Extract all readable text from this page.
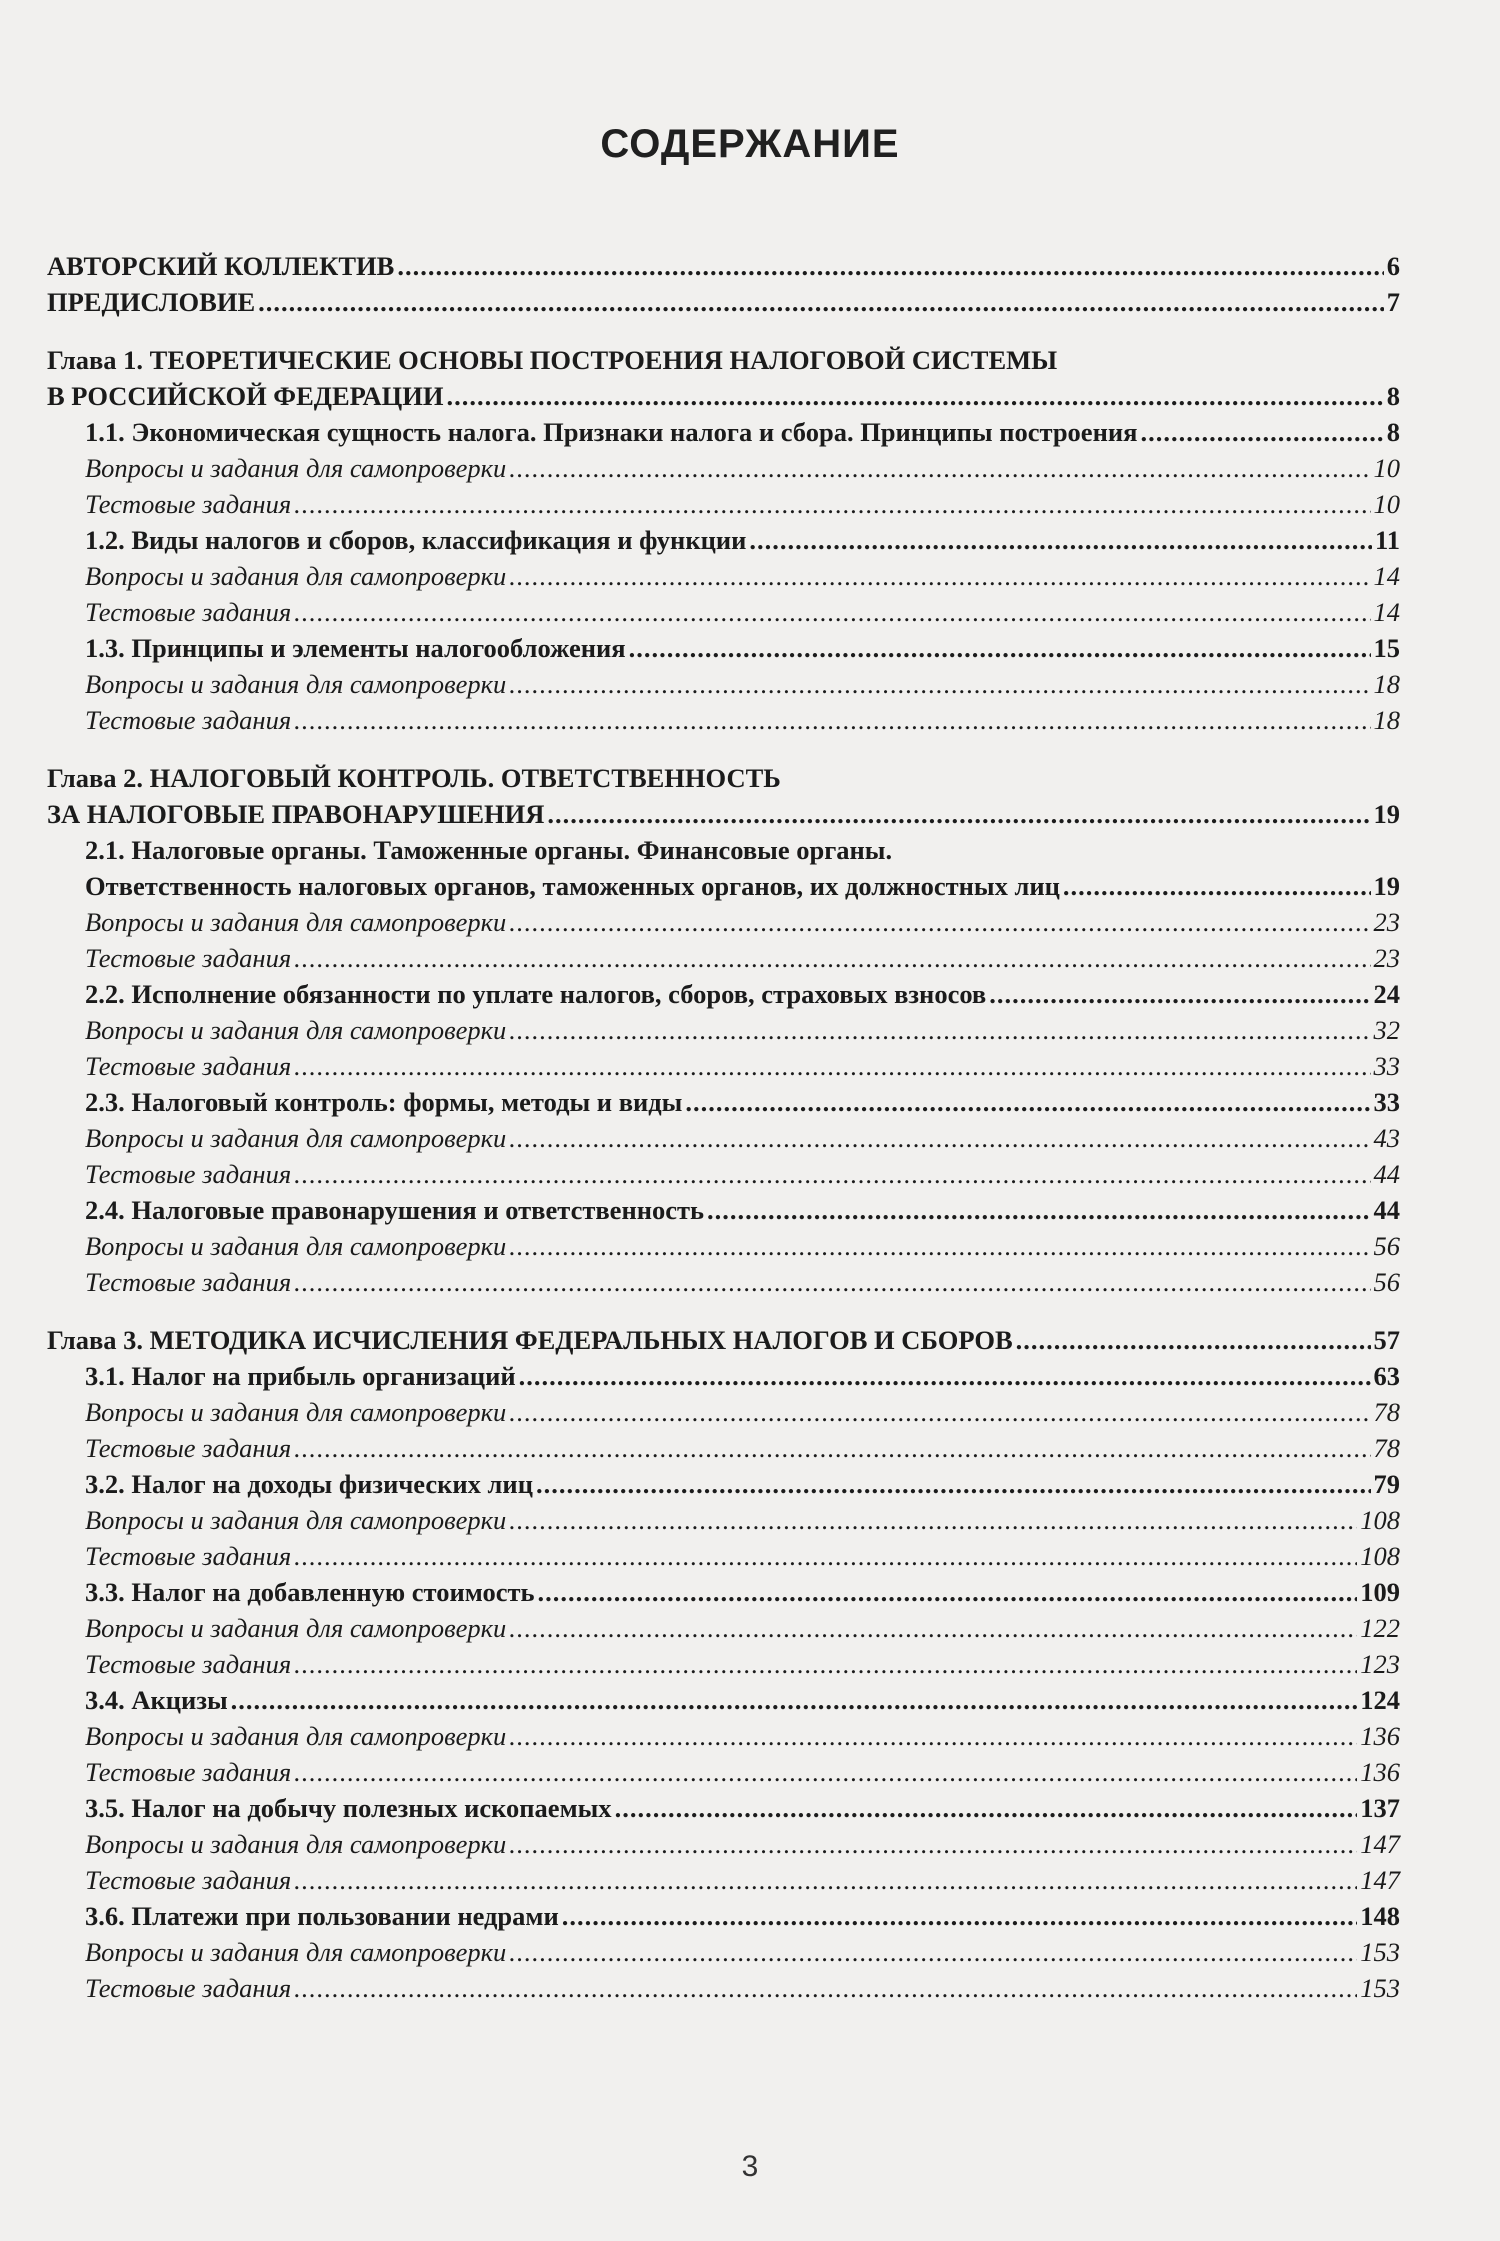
СОДЕРЖАНИЕ
АВТОРСКИЙ КОЛЛЕКТИВ .....	6
ПРЕДИСЛОВИЕ .....	7
Глава 1. ТЕОРЕТИЧЕСКИЕ ОСНОВЫ ПОСТРОЕНИЯ НАЛОГОВОЙ СИСТЕМЫ
В РОССИЙСКОЙ ФЕДЕРАЦИИ .....	8
1.1. Экономическая сущность налога. Признаки налога и сбора. Принципы построения .....	8
Вопросы и задания для самопроверки .....	10
Тестовые задания .....	10
1.2. Виды налогов и сборов, классификация и функции .....	11
Вопросы и задания для самопроверки .....	14
Тестовые задания .....	14
1.3. Принципы и элементы налогообложения .....	15
Вопросы и задания для самопроверки .....	18
Тестовые задания .....	18
Глава 2. НАЛОГОВЫЙ КОНТРОЛЬ. ОТВЕТСТВЕННОСТЬ
ЗА НАЛОГОВЫЕ ПРАВОНАРУШЕНИЯ .....	19
2.1. Налоговые органы. Таможенные органы. Финансовые органы.
Ответственность налоговых органов, таможенных органов, их должностных лиц .....	19
Вопросы и задания для самопроверки .....	23
Тестовые задания .....	23
2.2. Исполнение обязанности по уплате налогов, сборов, страховых взносов .....	24
Вопросы и задания для самопроверки .....	32
Тестовые задания .....	33
2.3. Налоговый контроль: формы, методы и виды .....	33
Вопросы и задания для самопроверки .....	43
Тестовые задания .....	44
2.4. Налоговые правонарушения и ответственность .....	44
Вопросы и задания для самопроверки .....	56
Тестовые задания .....	56
Глава 3. МЕТОДИКА ИСЧИСЛЕНИЯ ФЕДЕРАЛЬНЫХ НАЛОГОВ И СБОРОВ .....	57
3.1. Налог на прибыль организаций .....	63
Вопросы и задания для самопроверки .....	78
Тестовые задания .....	78
3.2. Налог на доходы физических лиц .....	79
Вопросы и задания для самопроверки .....	108
Тестовые задания .....	108
3.3. Налог на добавленную стоимость .....	109
Вопросы и задания для самопроверки .....	122
Тестовые задания .....	123
3.4. Акцизы .....	124
Вопросы и задания для самопроверки .....	136
Тестовые задания .....	136
3.5. Налог на добычу полезных ископаемых .....	137
Вопросы и задания для самопроверки .....	147
Тестовые задания .....	147
3.6. Платежи при пользовании недрами .....	148
Вопросы и задания для самопроверки .....	153
Тестовые задания .....	153
3
